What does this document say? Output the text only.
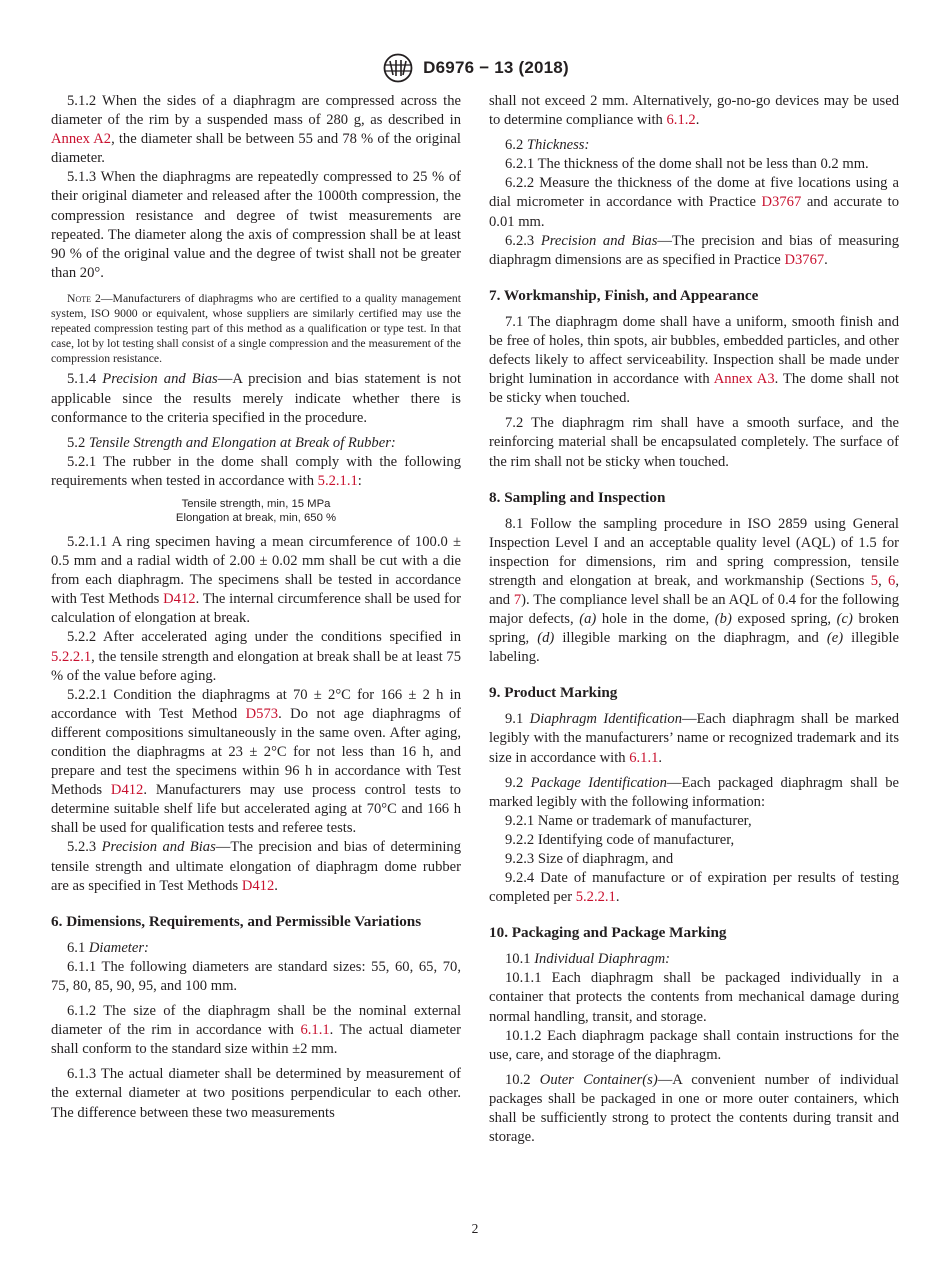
D6976 − 13 (2018)

5.1.2 When the sides of a diaphragm are compressed across the diameter of the rim by a suspended mass of 280 g, as described in Annex A2, the diameter shall be between 55 and 78 % of the original diameter.

5.1.3 When the diaphragms are repeatedly compressed to 25 % of their original diameter and released after the 1000th compression, the compression resistance and degree of twist measurements are repeated. The diameter along the axis of compression shall be at least 90 % of the original value and the degree of twist shall not be greater than 20°.

Note 2—Manufacturers of diaphragms who are certified to a quality management system, ISO 9000 or equivalent, whose suppliers are similarly certified may use the repeated compression testing part of this method as a qualification or type test. In that case, lot by lot testing shall consist of a single compression and the measurement of the compression resistance.

5.1.4 Precision and Bias—A precision and bias statement is not applicable since the results merely indicate whether there is conformance to the criteria specified in the procedure.

5.2 Tensile Strength and Elongation at Break of Rubber:

5.2.1 The rubber in the dome shall comply with the following requirements when tested in accordance with 5.2.1.1:

Tensile strength, min, 15 MPa
Elongation at break, min, 650 %

5.2.1.1 A ring specimen having a mean circumference of 100.0 ± 0.5 mm and a radial width of 2.00 ± 0.02 mm shall be cut with a die from each diaphragm. The specimens shall be tested in accordance with Test Methods D412. The internal circumference shall be used for calculation of elongation at break.

5.2.2 After accelerated aging under the conditions specified in 5.2.2.1, the tensile strength and elongation at break shall be at least 75 % of the value before aging.

5.2.2.1 Condition the diaphragms at 70 ± 2°C for 166 ± 2 h in accordance with Test Method D573. Do not age diaphragms of different compositions simultaneously in the same oven. After aging, condition the diaphragms at 23 ± 2°C for not less than 16 h, and prepare and test the specimens within 96 h in accordance with Test Methods D412. Manufacturers may use process control tests to determine suitable shelf life but accelerated aging at 70°C and 166 h shall be used for qualification tests and referee tests.

5.2.3 Precision and Bias—The precision and bias of determining tensile strength and ultimate elongation of diaphragm dome rubber are as specified in Test Methods D412.

6. Dimensions, Requirements, and Permissible Variations

6.1 Diameter:

6.1.1 The following diameters are standard sizes: 55, 60, 65, 70, 75, 80, 85, 90, 95, and 100 mm.

6.1.2 The size of the diaphragm shall be the nominal external diameter of the rim in accordance with 6.1.1. The actual diameter shall conform to the standard size within ±2 mm.

6.1.3 The actual diameter shall be determined by measurement of the external diameter at two positions perpendicular to each other. The difference between these two measurements

shall not exceed 2 mm. Alternatively, go-no-go devices may be used to determine compliance with 6.1.2.

6.2 Thickness:

6.2.1 The thickness of the dome shall not be less than 0.2 mm.

6.2.2 Measure the thickness of the dome at five locations using a dial micrometer in accordance with Practice D3767 and accurate to 0.01 mm.

6.2.3 Precision and Bias—The precision and bias of measuring diaphragm dimensions are as specified in Practice D3767.

7. Workmanship, Finish, and Appearance

7.1 The diaphragm dome shall have a uniform, smooth finish and be free of holes, thin spots, air bubbles, embedded particles, and other defects likely to affect serviceability. Inspection shall be made under bright lumination in accordance with Annex A3. The dome shall not be sticky when touched.

7.2 The diaphragm rim shall have a smooth surface, and the reinforcing material shall be encapsulated completely. The surface of the rim shall not be sticky when touched.

8. Sampling and Inspection

8.1 Follow the sampling procedure in ISO 2859 using General Inspection Level I and an acceptable quality level (AQL) of 1.5 for inspection for dimensions, rim and spring compression, tensile strength and elongation at break, and workmanship (Sections 5, 6, and 7). The compliance level shall be an AQL of 0.4 for the following major defects, (a) hole in the dome, (b) exposed spring, (c) broken spring, (d) illegible marking on the diaphragm, and (e) illegible labeling.

9. Product Marking

9.1 Diaphragm Identification—Each diaphragm shall be marked legibly with the manufacturers’ name or recognized trademark and its size in accordance with 6.1.1.

9.2 Package Identification—Each packaged diaphragm shall be marked legibly with the following information:

9.2.1 Name or trademark of manufacturer,

9.2.2 Identifying code of manufacturer,

9.2.3 Size of diaphragm, and

9.2.4 Date of manufacture or of expiration per results of testing completed per 5.2.2.1.

10. Packaging and Package Marking

10.1 Individual Diaphragm:

10.1.1 Each diaphragm shall be packaged individually in a container that protects the contents from mechanical damage during normal handling, transit, and storage.

10.1.2 Each diaphragm package shall contain instructions for the use, care, and storage of the diaphragm.

10.2 Outer Container(s)—A convenient number of individual packages shall be packaged in one or more outer containers, which shall be sufficiently strong to protect the contents during transit and storage.

2
